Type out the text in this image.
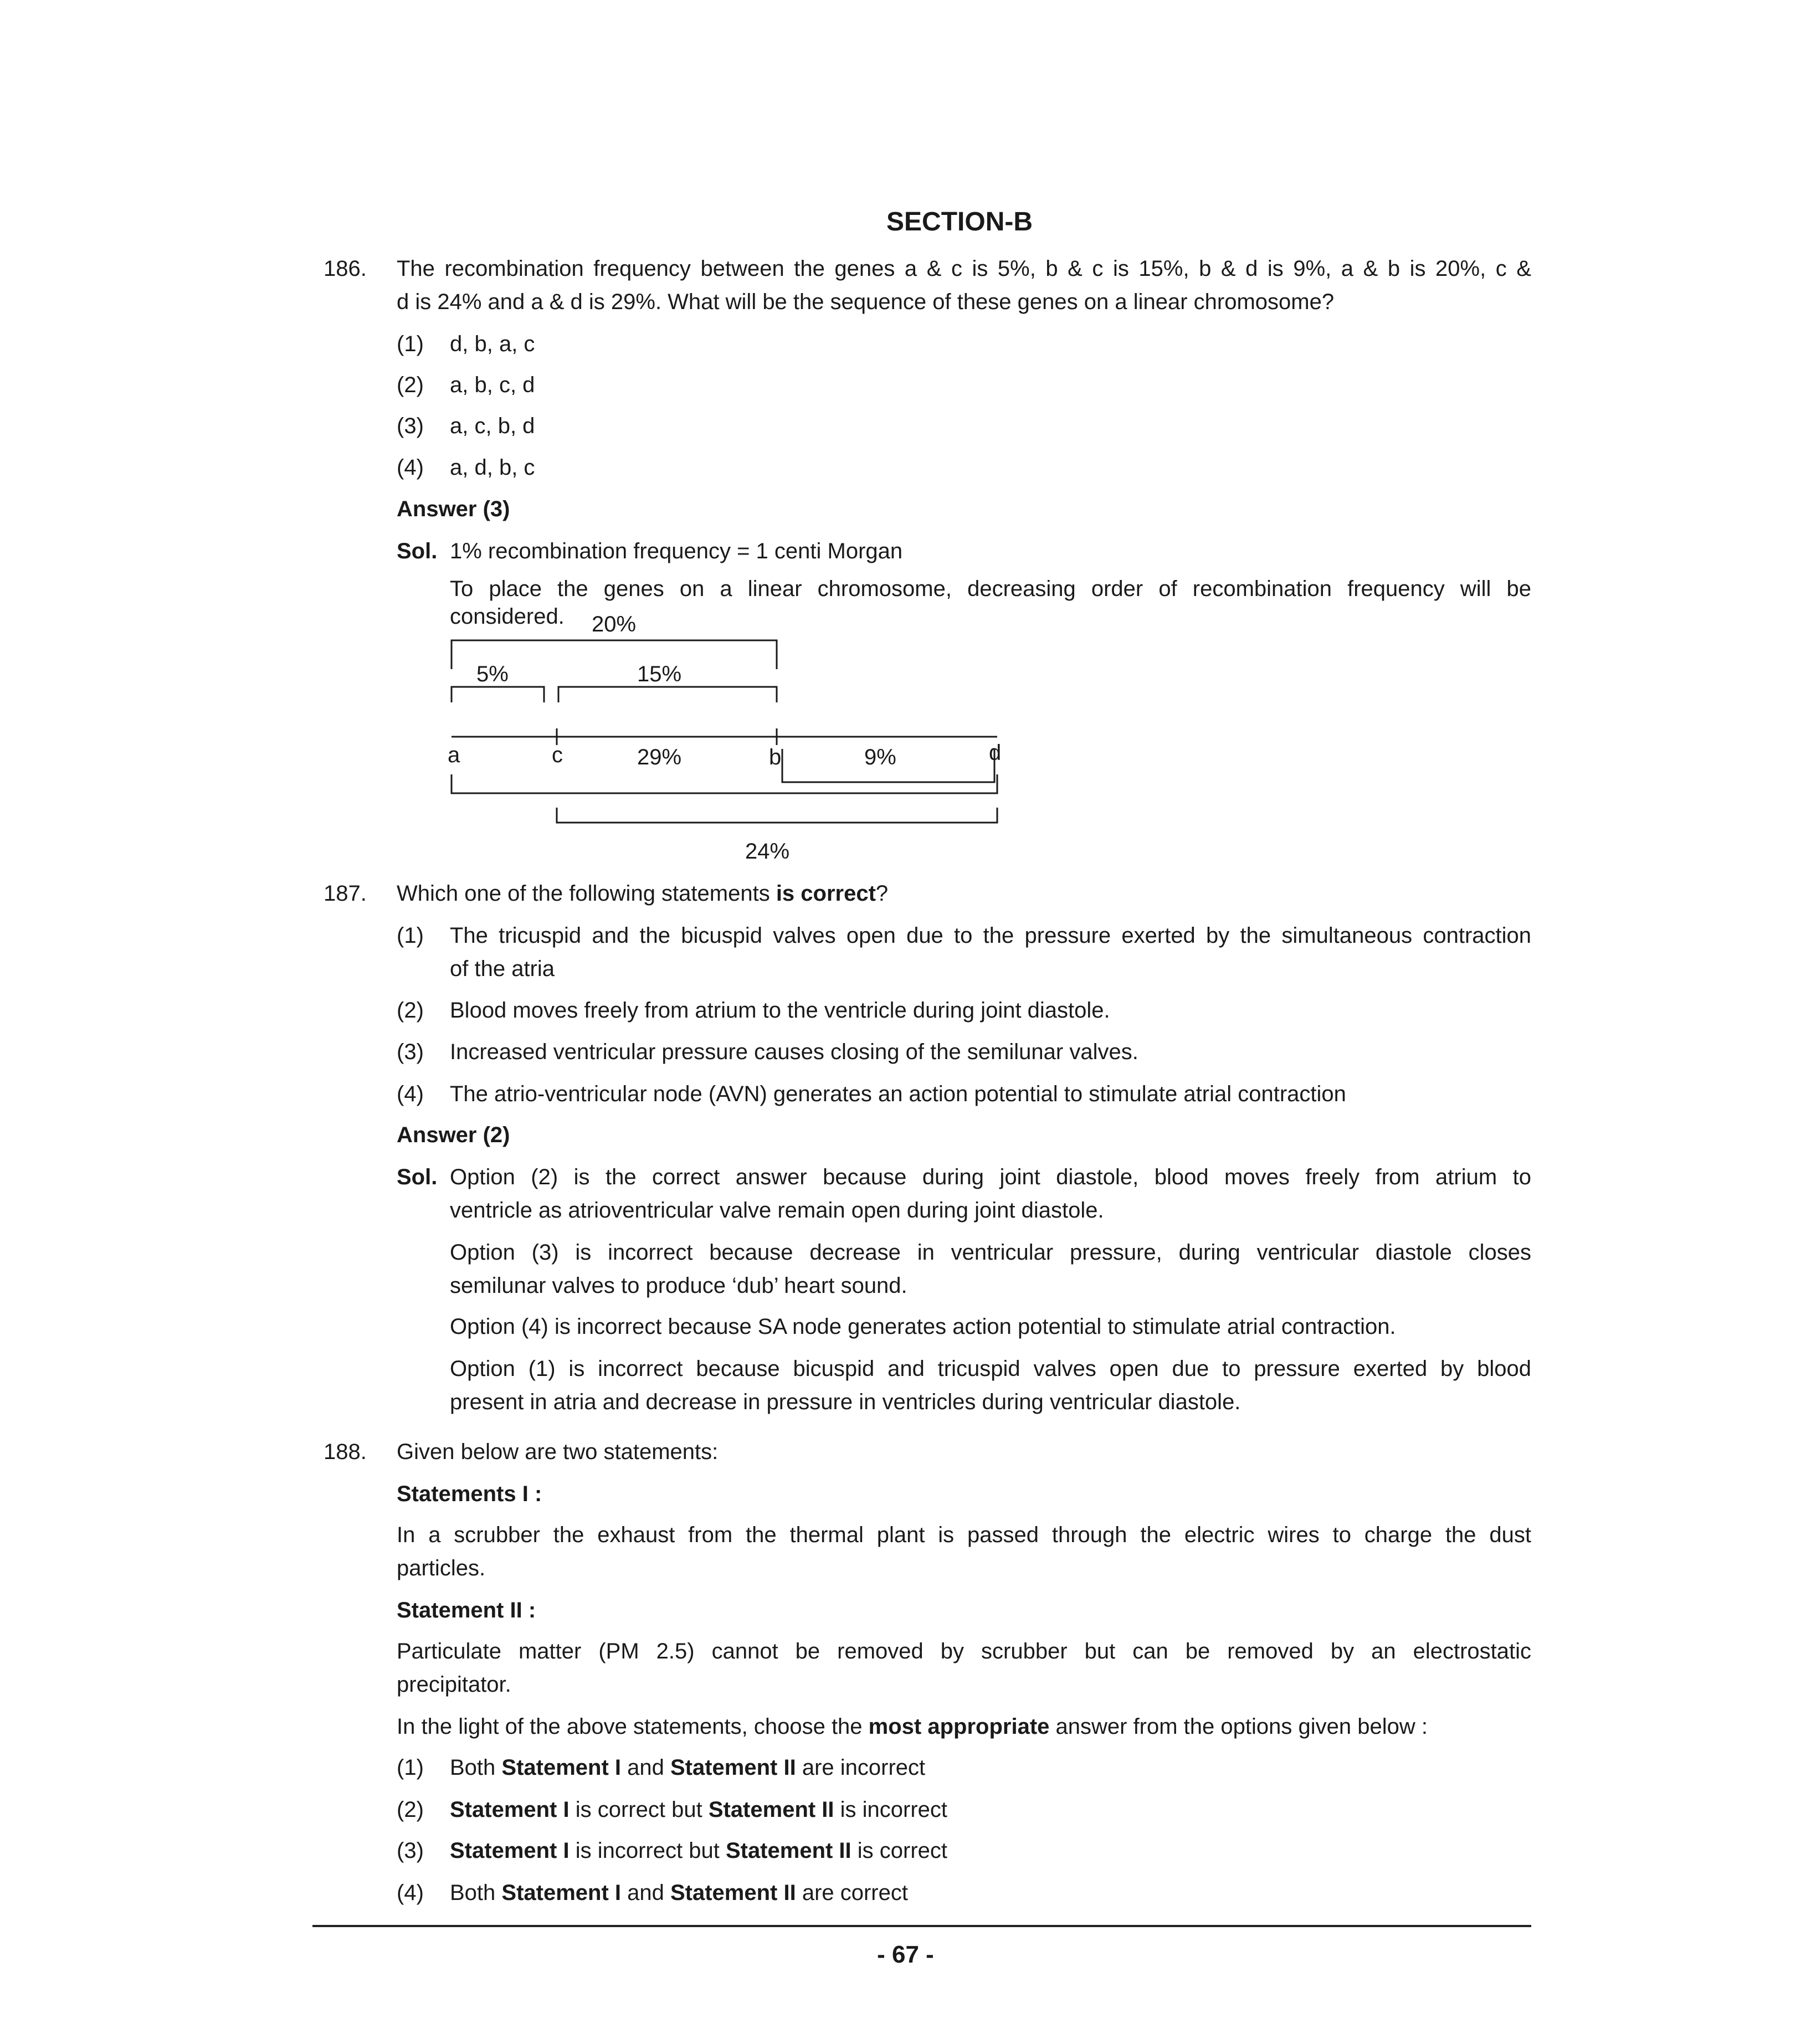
SECTION-B
186. The recombination frequency between the genes a & c is 5%, b & c is 15%, b & d is 9%, a & b is 20%, c &
d is 24% and a & d is 29%. What will be the sequence of these genes on a linear chromosome?
(1) d, b, a, c
(2) a, b, c, d
(3) a, c, b, d
(4) a, d, b, c
Answer (3)
Sol. 1% recombination frequency = 1 centi Morgan
To place the genes on a linear chromosome, decreasing order of recombination frequency will be
considered. 20%
5%	15%
a	c	29%	b	9%	d
24%
187. Which one of the following statements is correct?
(1) The tricuspid and the bicuspid valves open due to the pressure exerted by the simultaneous contraction
of the atria
(2) Blood moves freely from atrium to the ventricle during joint diastole.
(3) Increased ventricular pressure causes closing of the semilunar valves.
(4) The atrio-ventricular node (AVN) generates an action potential to stimulate atrial contraction
Answer (2)
Sol. Option (2) is the correct answer because during joint diastole, blood moves freely from atrium to
ventricle as atrioventricular valve remain open during joint diastole.
Option (3) is incorrect because decrease in ventricular pressure, during ventricular diastole closes
semilunar valves to produce ‘dub’ heart sound.
Option (4) is incorrect because SA node generates action potential to stimulate atrial contraction.
Option (1) is incorrect because bicuspid and tricuspid valves open due to pressure exerted by blood
present in atria and decrease in pressure in ventricles during ventricular diastole.
188. Given below are two statements:
Statements I :
In a scrubber the exhaust from the thermal plant is passed through the electric wires to charge the dust
particles.
Statement II :
Particulate matter (PM 2.5) cannot be removed by scrubber but can be removed by an electrostatic
precipitator.
In the light of the above statements, choose the most appropriate answer from the options given below :
(1) Both Statement I and Statement II are incorrect
(2) Statement I is correct but Statement II is incorrect
(3) Statement I is incorrect but Statement II is correct
(4) Both Statement I and Statement II are correct
- 67 -
